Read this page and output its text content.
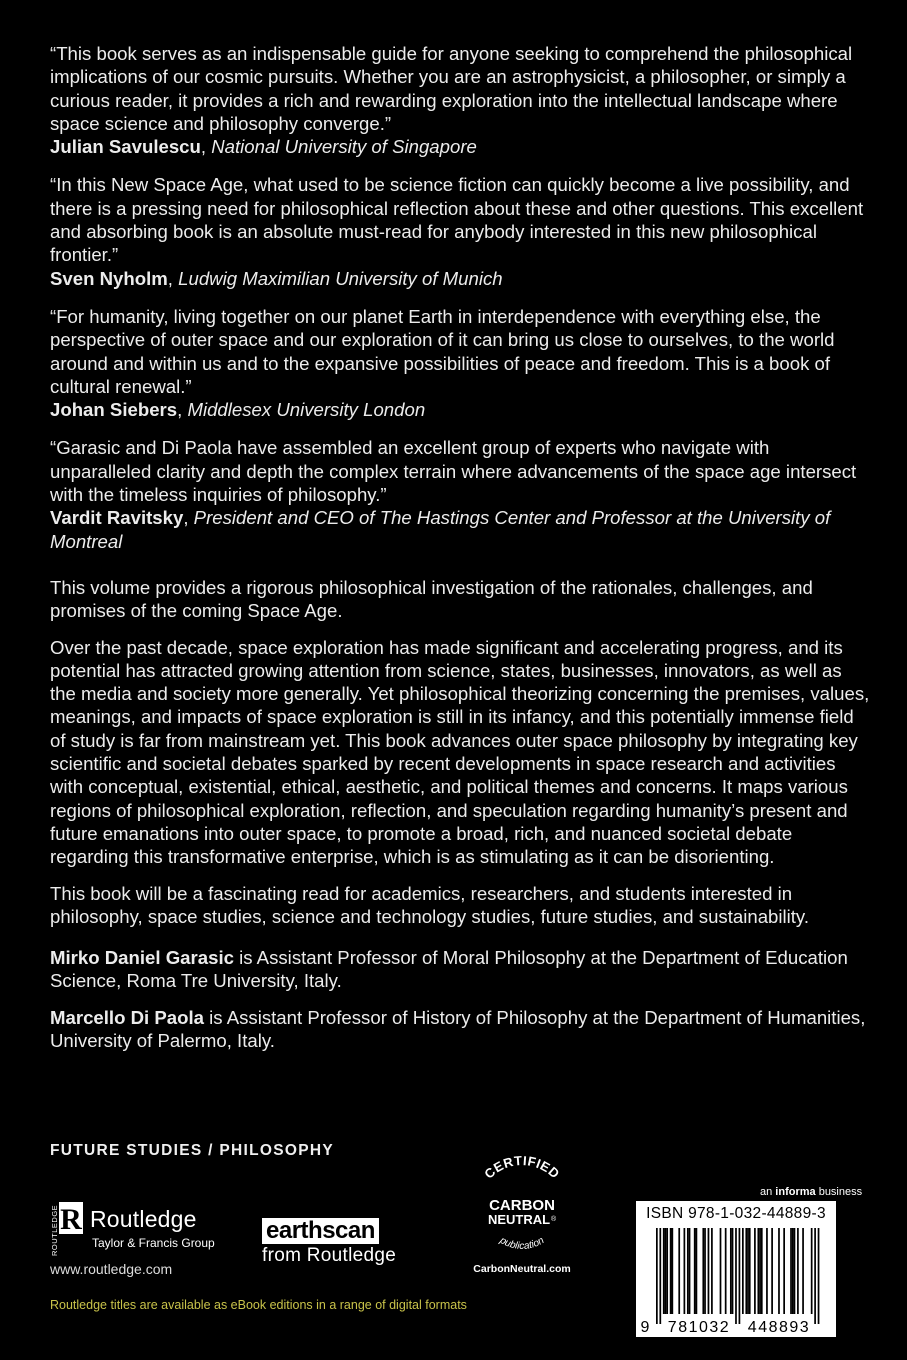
“This book serves as an indispensable guide for anyone seeking to comprehend the philosophical implications of our cosmic pursuits. Whether you are an astrophysicist, a philosopher, or simply a curious reader, it provides a rich and rewarding exploration into the intellectual landscape where space science and philosophy converge.”
Julian Savulescu, National University of Singapore
“In this New Space Age, what used to be science fiction can quickly become a live possibility, and there is a pressing need for philosophical reflection about these and other questions. This excellent and absorbing book is an absolute must-read for anybody interested in this new philosophical frontier.”
Sven Nyholm, Ludwig Maximilian University of Munich
“For humanity, living together on our planet Earth in interdependence with everything else, the perspective of outer space and our exploration of it can bring us close to ourselves, to the world around and within us and to the expansive possibilities of peace and freedom. This is a book of cultural renewal.”
Johan Siebers, Middlesex University London
“Garasic and Di Paola have assembled an excellent group of experts who navigate with unparalleled clarity and depth the complex terrain where advancements of the space age intersect with the timeless inquiries of philosophy.”
Vardit Ravitsky, President and CEO of The Hastings Center and Professor at the University of Montreal

This volume provides a rigorous philosophical investigation of the rationales, challenges, and promises of the coming Space Age.

Over the past decade, space exploration has made significant and accelerating progress, and its potential has attracted growing attention from science, states, businesses, innovators, as well as the media and society more generally. Yet philosophical theorizing concerning the premises, values, meanings, and impacts of space exploration is still in its infancy, and this potentially immense field of study is far from mainstream yet. This book advances outer space philosophy by integrating key scientific and societal debates sparked by recent developments in space research and activities with conceptual, existential, ethical, aesthetic, and political themes and concerns. It maps various regions of philosophical exploration, reflection, and speculation regarding humanity’s present and future emanations into outer space, to promote a broad, rich, and nuanced societal debate regarding this transformative enterprise, which is as stimulating as it can be disorienting.

This book will be a fascinating read for academics, researchers, and students interested in philosophy, space studies, science and technology studies, future studies, and sustainability.

Mirko Daniel Garasic is Assistant Professor of Moral Philosophy at the Department of Education Science, Roma Tre University, Italy.

Marcello Di Paola is Assistant Professor of History of Philosophy at the Department of Humanities, University of Palermo, Italy.

FUTURE STUDIES / PHILOSOPHY
R
ROUTLEDGE Routledge
Taylor & Francis Group
www.routledge.com
earthscan
from Routledge
CERTIFIED
CARBON
NEUTRAL ®
publication
CarbonNeutral.com
an informa business
ISBN 978-1-032-44889-3
9 781032 448893
Routledge titles are available as eBook editions in a range of digital formats
